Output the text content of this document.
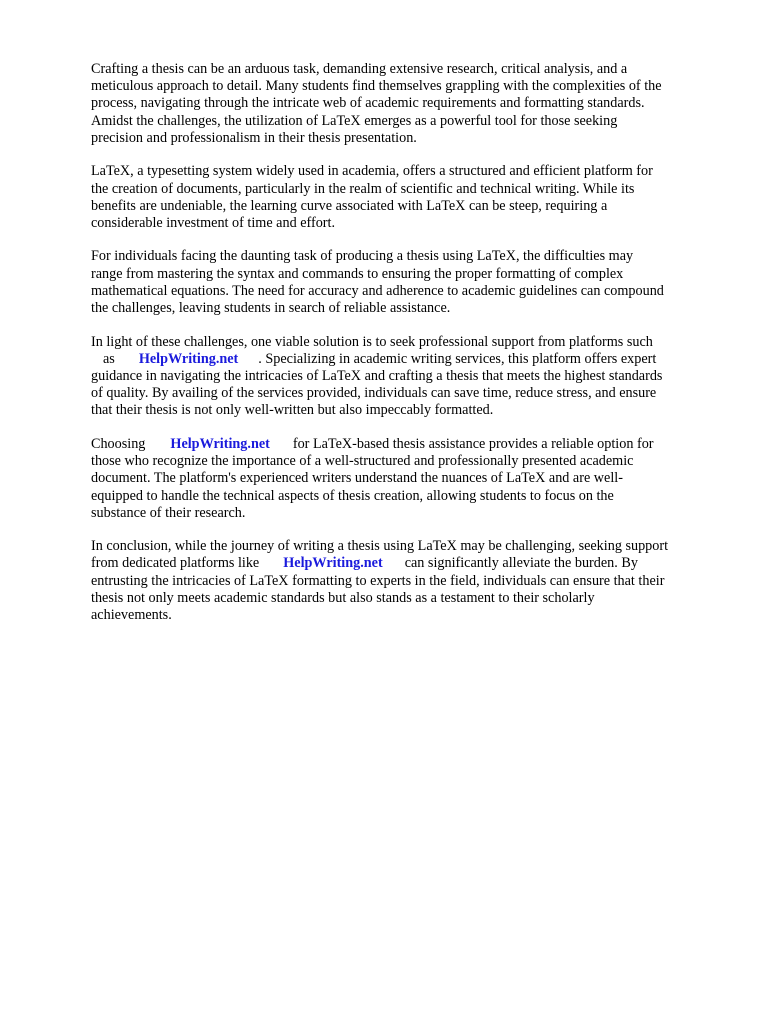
Crafting a thesis can be an arduous task, demanding extensive research, critical analysis, and a
meticulous approach to detail. Many students find themselves grappling with the complexities of the
process, navigating through the intricate web of academic requirements and formatting standards.
Amidst the challenges, the utilization of LaTeX emerges as a powerful tool for those seeking
precision and professionalism in their thesis presentation.

LaTeX, a typesetting system widely used in academia, offers a structured and efficient platform for
the creation of documents, particularly in the realm of scientific and technical writing. While its
benefits are undeniable, the learning curve associated with LaTeX can be steep, requiring a
considerable investment of time and effort.

For individuals facing the daunting task of producing a thesis using LaTeX, the difficulties may
range from mastering the syntax and commands to ensuring the proper formatting of complex
mathematical equations. The need for accuracy and adherence to academic guidelines can compound
the challenges, leaving students in search of reliable assistance.

In light of these challenges, one viable solution is to seek professional support from platforms such
as HelpWriting.net . Specializing in academic writing services, this platform offers expert
guidance in navigating the intricacies of LaTeX and crafting a thesis that meets the highest standards
of quality. By availing of the services provided, individuals can save time, reduce stress, and ensure
that their thesis is not only well-written but also impeccably formatted.

Choosing HelpWriting.net for LaTeX-based thesis assistance provides a reliable option for
those who recognize the importance of a well-structured and professionally presented academic
document. The platform's experienced writers understand the nuances of LaTeX and are well-
equipped to handle the technical aspects of thesis creation, allowing students to focus on the
substance of their research.

In conclusion, while the journey of writing a thesis using LaTeX may be challenging, seeking support
from dedicated platforms like HelpWriting.net can significantly alleviate the burden. By
entrusting the intricacies of LaTeX formatting to experts in the field, individuals can ensure that their
thesis not only meets academic standards but also stands as a testament to their scholarly
achievements.
